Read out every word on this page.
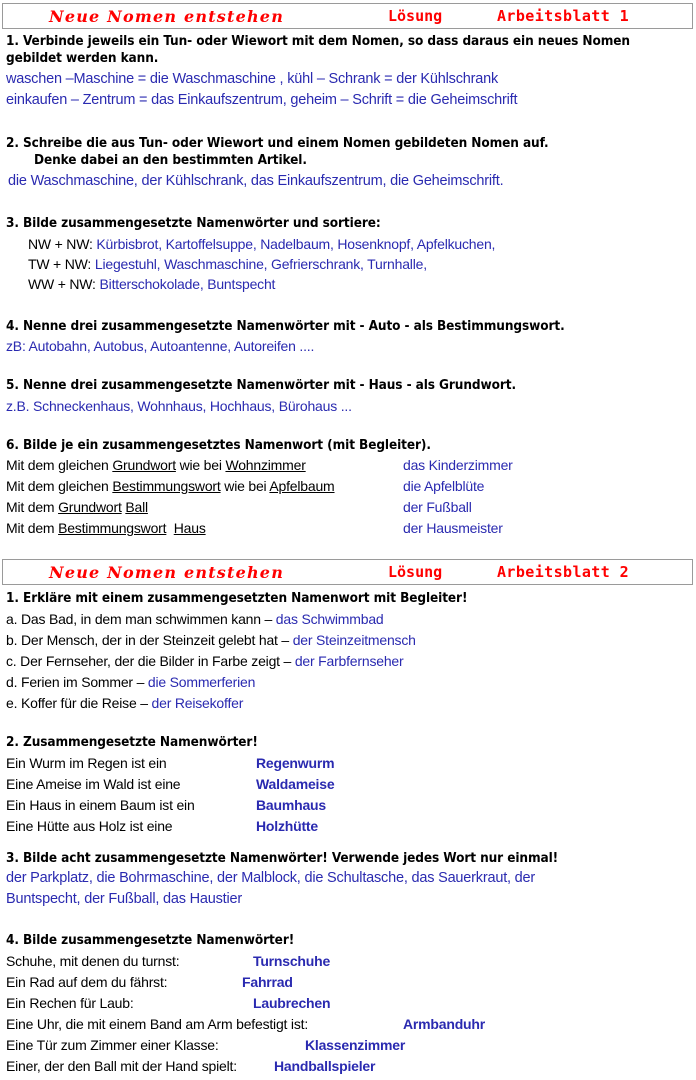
Neue Nomen entstehen	Lösung	Arbeitsblatt 1
1. Verbinde jeweils ein Tun- oder Wiewort mit dem Nomen, so dass daraus ein neues Nomen
gebildet werden kann.
waschen –Maschine = die Waschmaschine , kühl – Schrank = der Kühlschrank
einkaufen – Zentrum = das Einkaufszentrum, geheim – Schrift = die Geheimschrift
2. Schreibe die aus Tun- oder Wiewort und einem Nomen gebildeten Nomen auf.
Denke dabei an den bestimmten Artikel.
die Waschmaschine, der Kühlschrank, das Einkaufszentrum, die Geheimschrift.
3. Bilde zusammengesetzte Namenwörter und sortiere:
NW + NW: Kürbisbrot, Kartoffelsuppe, Nadelbaum, Hosenknopf, Apfelkuchen,
TW + NW: Liegestuhl, Waschmaschine, Gefrierschrank, Turnhalle,
WW + NW: Bitterschokolade, Buntspecht
4. Nenne drei zusammengesetzte Namenwörter mit - Auto - als Bestimmungswort.
zB: Autobahn, Autobus, Autoantenne, Autoreifen ....
5. Nenne drei zusammengesetzte Namenwörter mit - Haus - als Grundwort.
z.B. Schneckenhaus, Wohnhaus, Hochhaus, Bürohaus ...
6. Bilde je ein zusammengesetztes Namenwort (mit Begleiter).
Mit dem gleichen Grundwort wie bei Wohnzimmer	das Kinderzimmer
Mit dem gleichen Bestimmungswort wie bei Apfelbaum	die Apfelblüte
Mit dem Grundwort Ball	der Fußball
Mit dem Bestimmungswort Haus	der Hausmeister
Neue Nomen entstehen	Lösung	Arbeitsblatt 2
1. Erkläre mit einem zusammengesetzten Namenwort mit Begleiter!
a. Das Bad, in dem man schwimmen kann – das Schwimmbad
b. Der Mensch, der in der Steinzeit gelebt hat – der Steinzeitmensch
c. Der Fernseher, der die Bilder in Farbe zeigt – der Farbfernseher
d. Ferien im Sommer – die Sommerferien
e. Koffer für die Reise – der Reisekoffer
2. Zusammengesetzte Namenwörter!
Ein Wurm im Regen ist ein	Regenwurm
Eine Ameise im Wald ist eine	Waldameise
Ein Haus in einem Baum ist ein	Baumhaus
Eine Hütte aus Holz ist eine	Holzhütte
3. Bilde acht zusammengesetzte Namenwörter! Verwende jedes Wort nur einmal!
der Parkplatz, die Bohrmaschine, der Malblock, die Schultasche, das Sauerkraut, der
Buntspecht, der Fußball, das Haustier
4. Bilde zusammengesetzte Namenwörter!
Schuhe, mit denen du turnst:	Turnschuhe
Ein Rad auf dem du fährst:	Fahrrad
Ein Rechen für Laub:	Laubrechen
Eine Uhr, die mit einem Band am Arm befestigt ist:	Armbanduhr
Eine Tür zum Zimmer einer Klasse:	Klassenzimmer
Einer, der den Ball mit der Hand spielt:	Handballspieler
